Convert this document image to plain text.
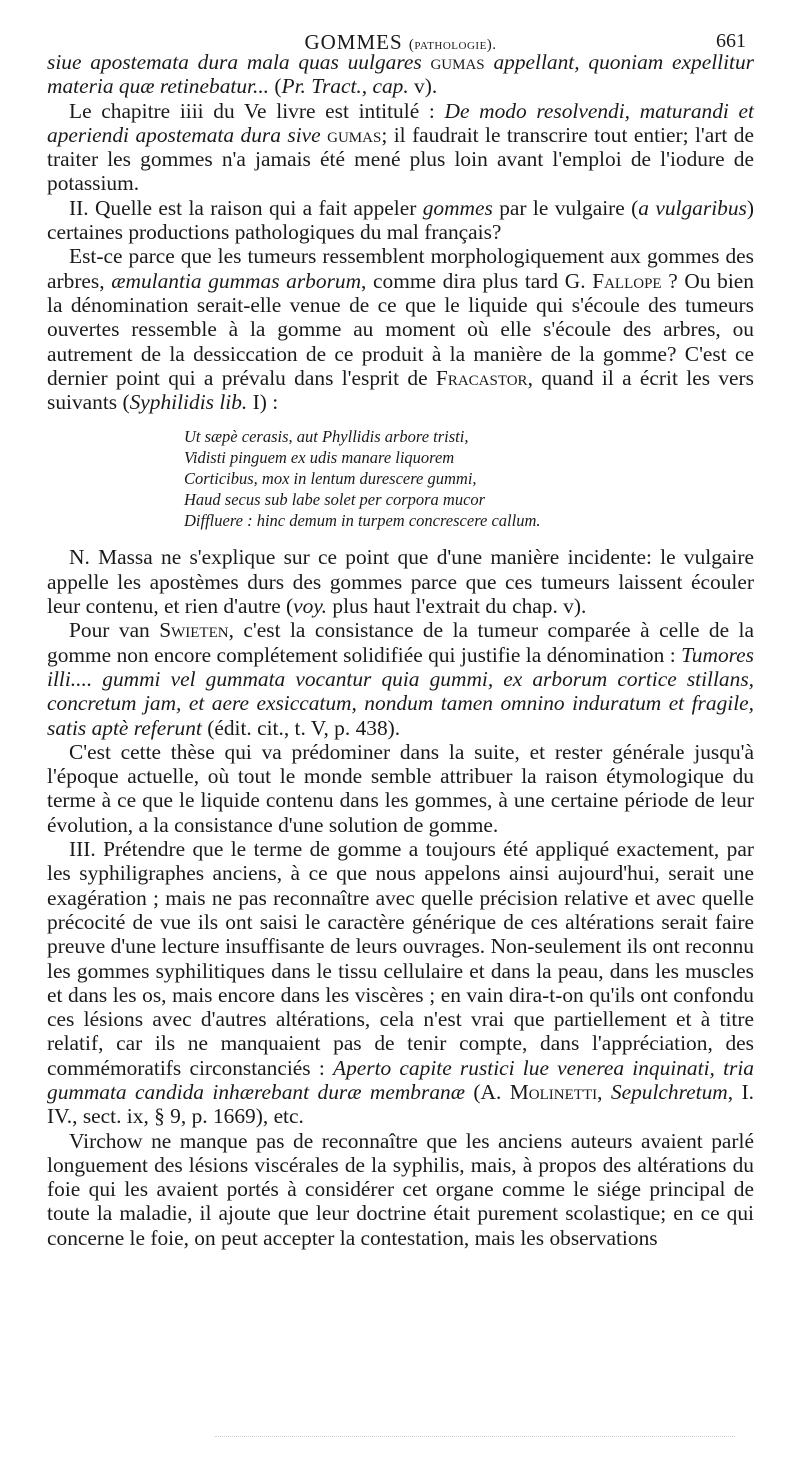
GOMMES (pathologie).	661

siue apostemata dura mala quas uulgares gumas appellant, quoniam expellitur materia quæ retinebatur... (Pr. Tract., cap. v).

Le chapitre iiii du Ve livre est intitulé : De modo resolvendi, maturandi et aperiendi apostemata dura sive gumas; il faudrait le transcrire tout entier; l'art de traiter les gommes n'a jamais été mené plus loin avant l'emploi de l'iodure de potassium.

II. Quelle est la raison qui a fait appeler gommes par le vulgaire (a vulgaribus) certaines productions pathologiques du mal français?

Est-ce parce que les tumeurs ressemblent morphologiquement aux gommes des arbres, æmulantia gummas arborum, comme dira plus tard G. Fallope ? Ou bien la dénomination serait-elle venue de ce que le liquide qui s'écoule des tumeurs ouvertes ressemble à la gomme au moment où elle s'écoule des arbres, ou autrement de la dessiccation de ce produit à la manière de la gomme? C'est ce dernier point qui a prévalu dans l'esprit de Fracastor, quand il a écrit les vers suivants (Syphilidis lib. I) :

Ut sæpè cerasis, aut Phyllidis arbore tristi,
Vidisti pinguem ex udis manare liquorem
Corticibus, mox in lentum durescere gummi,
Haud secus sub labe solet per corpora mucor
Diffluere : hinc demum in turpem concrescere callum.

N. Massa ne s'explique sur ce point que d'une manière incidente: le vulgaire appelle les apostèmes durs des gommes parce que ces tumeurs laissent écouler leur contenu, et rien d'autre (voy. plus haut l'extrait du chap. v).

Pour van Swieten, c'est la consistance de la tumeur comparée à celle de la gomme non encore complétement solidifiée qui justifie la dénomination : Tumores illi.... gummi vel gummata vocantur quia gummi, ex arborum cortice stillans, concretum jam, et aere exsiccatum, nondum tamen omnino induratum et fragile, satis aptè referunt (édit. cit., t. V, p. 438).

C'est cette thèse qui va prédominer dans la suite, et rester générale jusqu'à l'époque actuelle, où tout le monde semble attribuer la raison étymologique du terme à ce que le liquide contenu dans les gommes, à une certaine période de leur évolution, a la consistance d'une solution de gomme.

III. Prétendre que le terme de gomme a toujours été appliqué exactement, par les syphiligraphes anciens, à ce que nous appelons ainsi aujourd'hui, serait une exagération ; mais ne pas reconnaître avec quelle précision relative et avec quelle précocité de vue ils ont saisi le caractère générique de ces altérations serait faire preuve d'une lecture insuffisante de leurs ouvrages. Non-seulement ils ont reconnu les gommes syphilitiques dans le tissu cellulaire et dans la peau, dans les muscles et dans les os, mais encore dans les viscères ; en vain dira-t-on qu'ils ont confondu ces lésions avec d'autres altérations, cela n'est vrai que partiellement et à titre relatif, car ils ne manquaient pas de tenir compte, dans l'appréciation, des commémoratifs circonstanciés : Aperto capite rustici lue venerea inquinati, tria gummata candida inhærebant duræ membranæ (A. Molinetti, Sepulchretum, I. IV., sect. ix, § 9, p. 1669), etc.

Virchow ne manque pas de reconnaître que les anciens auteurs avaient parlé longuement des lésions viscérales de la syphilis, mais, à propos des altérations du foie qui les avaient portés à considérer cet organe comme le siége principal de toute la maladie, il ajoute que leur doctrine était purement scolastique; en ce qui concerne le foie, on peut accepter la contestation, mais les observations
